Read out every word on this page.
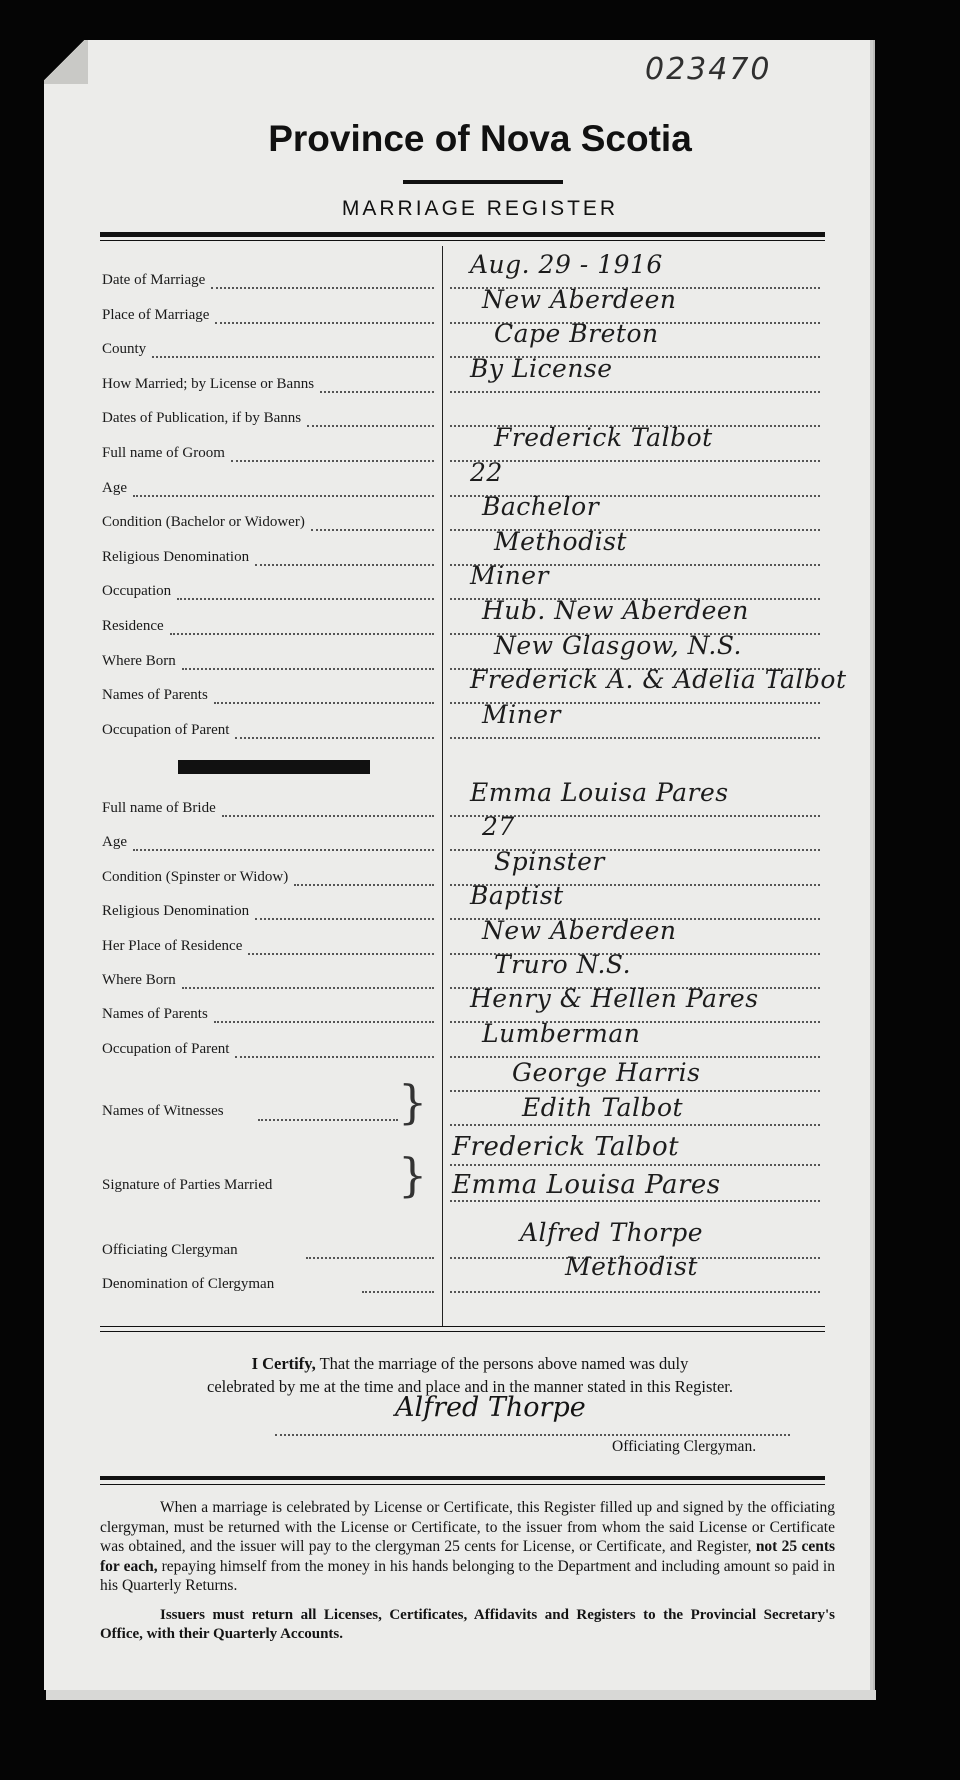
023470
Province of Nova Scotia
MARRIAGE REGISTER
Date of Marriage
Aug. 29 - 1916
Place of Marriage
New Aberdeen
County
Cape Breton
How Married; by License or Banns
By License
Dates of Publication, if by Banns
Full name of Groom
Frederick Talbot
Age
22
Condition (Bachelor or Widower)
Bachelor
Religious Denomination
Methodist
Occupation
Miner
Residence
Hub. New Aberdeen
Where Born
New Glasgow, N.S.
Names of Parents
Frederick A. & Adelia Talbot
Occupation of Parent
Miner
Full name of Bride
Emma Louisa Pares
Age
27
Condition (Spinster or Widow)
Spinster
Religious Denomination
Baptist
Her Place of Residence
New Aberdeen
Where Born
Truro N.S.
Names of Parents
Henry & Hellen Pares
Occupation of Parent
Lumberman
Names of Witnesses	}
George Harris
Edith Talbot
Signature of Parties Married	}
Frederick Talbot
Emma Louisa Pares
Officiating Clergyman
Alfred Thorpe
Denomination of Clergyman
Methodist
I Certify, That the marriage of the persons above named was duly
celebrated by me at the time and place and in the manner stated in this Register.
Alfred Thorpe
Officiating Clergyman.

When a marriage is celebrated by License or Certificate, this Register filled up and signed by the officiating clergyman, must be returned with the License or Certificate, to the issuer from whom the said License or Certificate was obtained, and the issuer will pay to the clergyman 25 cents for License, or Certificate, and Register, not 25 cents for each, repaying himself from the money in his hands belonging to the Department and including amount so paid in his Quarterly Returns.

Issuers must return all Licenses, Certificates, Affidavits and Registers to the Provincial Secretary's Office, with their Quarterly Accounts.
